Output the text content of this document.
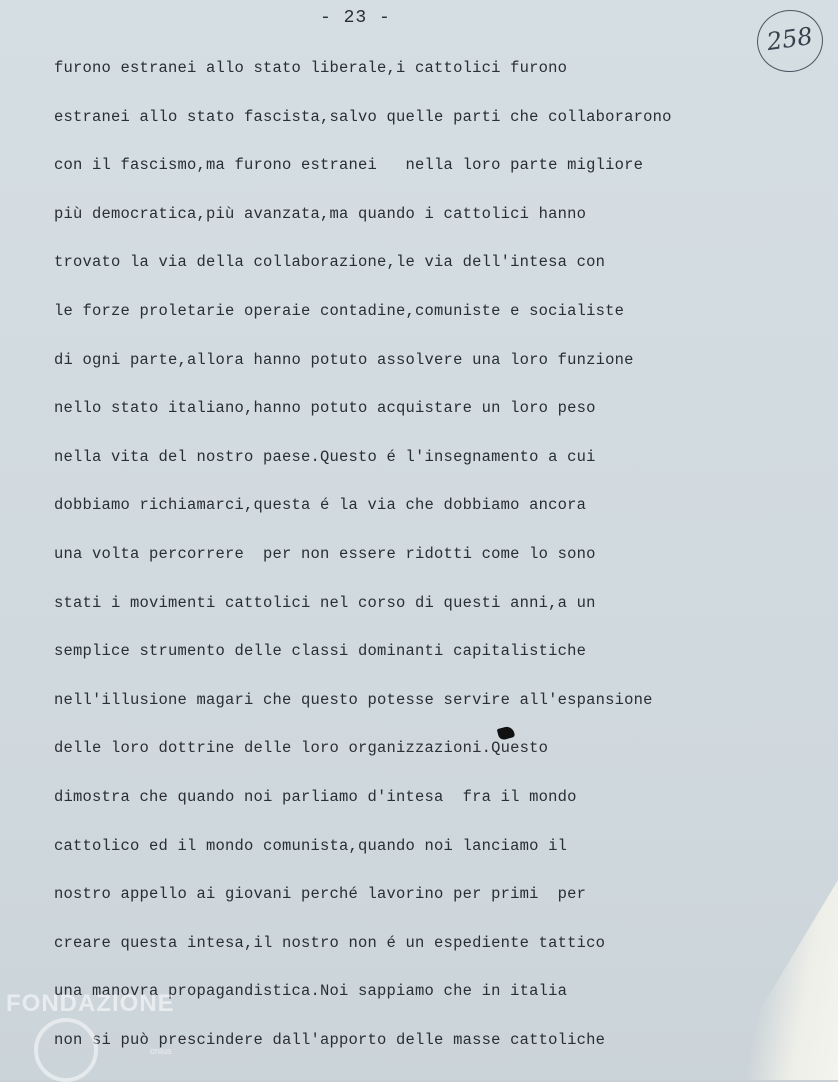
- 23 -
258
furono estranei allo stato liberale,i cattolici furono
estranei allo stato fascista,salvo quelle parti che collaborarono
con il fascismo,ma furono estranei   nella loro parte migliore
più democratica,più avanzata,ma quando i cattolici hanno
trovato la via della collaborazione,le via dell'intesa con
le forze proletarie operaie contadine,comuniste e socialiste
di ogni parte,allora hanno potuto assolvere una loro funzione
nello stato italiano,hanno potuto acquistare un loro peso
nella vita del nostro paese.Questo é l'insegnamento a cui
dobbiamo richiamarci,questa é la via che dobbiamo ancora
una volta percorrere  per non essere ridotti come lo sono
stati i movimenti cattolici nel corso di questi anni,a un
semplice strumento delle classi dominanti capitalistiche
nell'illusione magari che questo potesse servire all'espansione
delle loro dottrine delle loro organizzazioni.Questo
dimostra che quando noi parliamo d'intesa  fra il mondo
cattolico ed il mondo comunista,quando noi lanciamo il
nostro appello ai giovani perché lavorino per primi  per
creare questa intesa,il nostro non é un espediente tattico
una manovra propagandistica.Noi sappiamo che in italia
non si può prescindere dall'apporto delle masse cattoliche
FONDAZIONE
onlus
